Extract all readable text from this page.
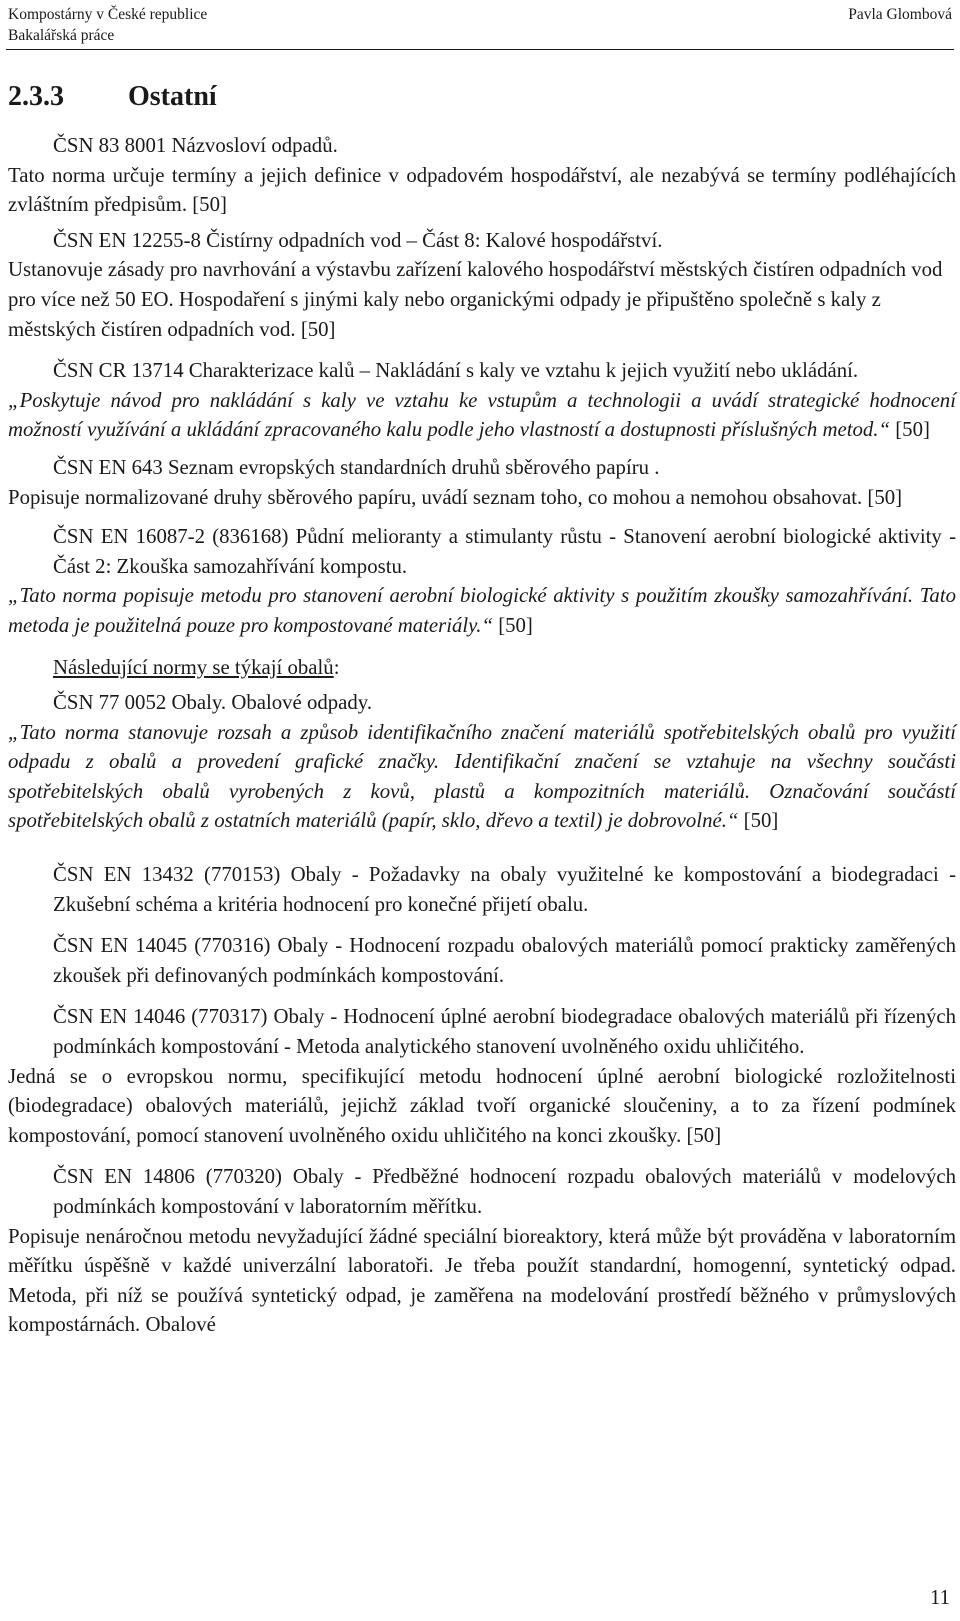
Kompostárny v České republice
Bakalářská práce
Pavla Glombová
2.3.3 Ostatní

ČSN 83 8001 Názvosloví odpadů.

Tato norma určuje termíny a jejich definice v odpadovém hospodářství, ale nezabývá se termíny podléhajících zvláštním předpisům. [50]

ČSN EN 12255-8 Čistírny odpadních vod – Část 8: Kalové hospodářství.

Ustanovuje zásady pro navrhování a výstavbu zařízení kalového hospodářství městských čistíren odpadních vod pro více než 50 EO. Hospodaření s jinými kaly nebo organickými odpady je připuštěno společně s kaly z městských čistíren odpadních vod. [50]

ČSN CR 13714 Charakterizace kalů – Nakládání s kaly ve vztahu k jejich využití nebo ukládání.

„Poskytuje návod pro nakládání s kaly ve vztahu ke vstupům a technologii a uvádí strategické hodnocení možností využívání a ukládání zpracovaného kalu podle jeho vlastností a dostupnosti příslušných metod.“ [50]

ČSN EN 643 Seznam evropských standardních druhů sběrového papíru .

Popisuje normalizované druhy sběrového papíru, uvádí seznam toho, co mohou a nemohou obsahovat. [50]

ČSN EN 16087-2 (836168) Půdní melioranty a stimulanty růstu - Stanovení aerobní biologické aktivity - Část 2: Zkouška samozahřívání kompostu.

„Tato norma popisuje metodu pro stanovení aerobní biologické aktivity s použitím zkoušky samozahřívání. Tato metoda je použitelná pouze pro kompostované materiály.“ [50]

Následující normy se týkají obalů:

ČSN 77 0052 Obaly. Obalové odpady.

„Tato norma stanovuje rozsah a způsob identifikačního značení materiálů spotřebitelských obalů pro využití odpadu z obalů a provedení grafické značky. Identifikační značení se vztahuje na všechny součásti spotřebitelských obalů vyrobených z kovů, plastů a kompozitních materiálů. Označování součástí spotřebitelských obalů z ostatních materiálů (papír, sklo, dřevo a textil) je dobrovolné.“ [50]

ČSN EN 13432 (770153) Obaly - Požadavky na obaly využitelné ke kompostování a biodegradaci - Zkušební schéma a kritéria hodnocení pro konečné přijetí obalu.

ČSN EN 14045 (770316) Obaly - Hodnocení rozpadu obalových materiálů pomocí prakticky zaměřených zkoušek při definovaných podmínkách kompostování.

ČSN EN 14046 (770317) Obaly - Hodnocení úplné aerobní biodegradace obalových materiálů při řízených podmínkách kompostování - Metoda analytického stanovení uvolněného oxidu uhličitého.

Jedná se o evropskou normu, specifikující metodu hodnocení úplné aerobní biologické rozložitelnosti (biodegradace) obalových materiálů, jejichž základ tvoří organické sloučeniny, a to za řízení podmínek kompostování, pomocí stanovení uvolněného oxidu uhličitého na konci zkoušky. [50]

ČSN EN 14806 (770320) Obaly - Předběžné hodnocení rozpadu obalových materiálů v modelových podmínkách kompostování v laboratorním měřítku.

Popisuje nenáročnou metodu nevyžadující žádné speciální bioreaktory, která může být prováděna v laboratorním měřítku úspěšně v každé univerzální laboratoři. Je třeba použít standardní, homogenní, syntetický odpad. Metoda, při níž se používá syntetický odpad, je zaměřena na modelování prostředí běžného v průmyslových kompostárnách. Obalové

11
